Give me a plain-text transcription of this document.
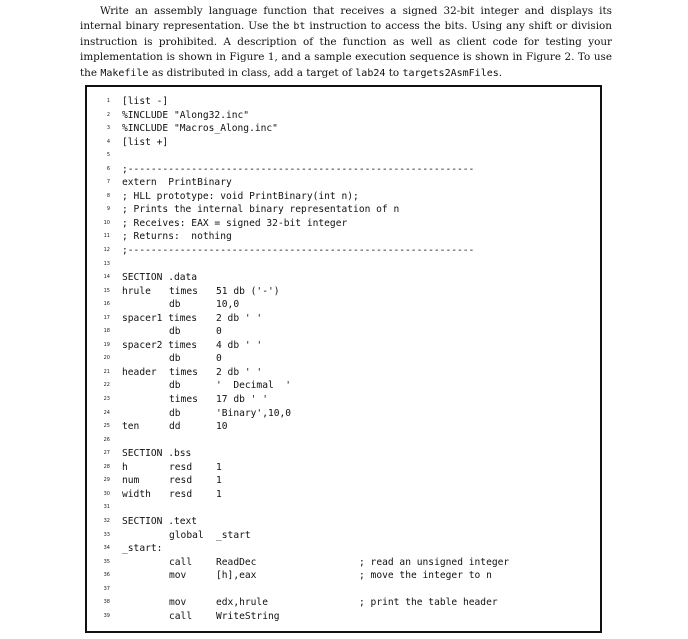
Write an assembly language function that receives a signed 32-bit integer and displays its internal binary representation. Use the bt instruction to access the bits. Using any shift or division instruction is prohibited. A description of the function as well as client code for testing your implementation is shown in Figure 1, and a sample execution sequence is shown in Figure 2. To use the Makefile as distributed in class, add a target of lab24 to targets2AsmFiles.

1 [list -]
2 %INCLUDE "Along32.inc"
3 %INCLUDE "Macros_Along.inc"
4 [list +]
5
6 ;------------------------------------------------------------
7 extern  PrintBinary
8 ; HLL prototype: void PrintBinary(int n);
9 ; Prints the internal binary representation of n
10 ; Receives: EAX = signed 32-bit integer
11 ; Returns:  nothing
12 ;------------------------------------------------------------
13
14 SECTION .data
15 hrule times 51 db ('-')
16	db	10,0
17 spacer1 times 2 db ' '
18	db	0
19 spacer2 times 4 db ' '
20	db	0
21 header times 2 db ' '
22	db	'  Decimal  '
23	times 17 db ' '
24	db	'Binary',10,0
25 ten	dd	10
26
27 SECTION .bss
28 h	resd 1
29 num	resd 1
30 width resd 1
31
32 SECTION .text
33	global _start
34 _start:
35	call ReadDec	; read an unsigned integer
36	mov	[h],eax	; move the integer to n
37
38	mov	edx,hrule	; print the table header
39	call WriteString
